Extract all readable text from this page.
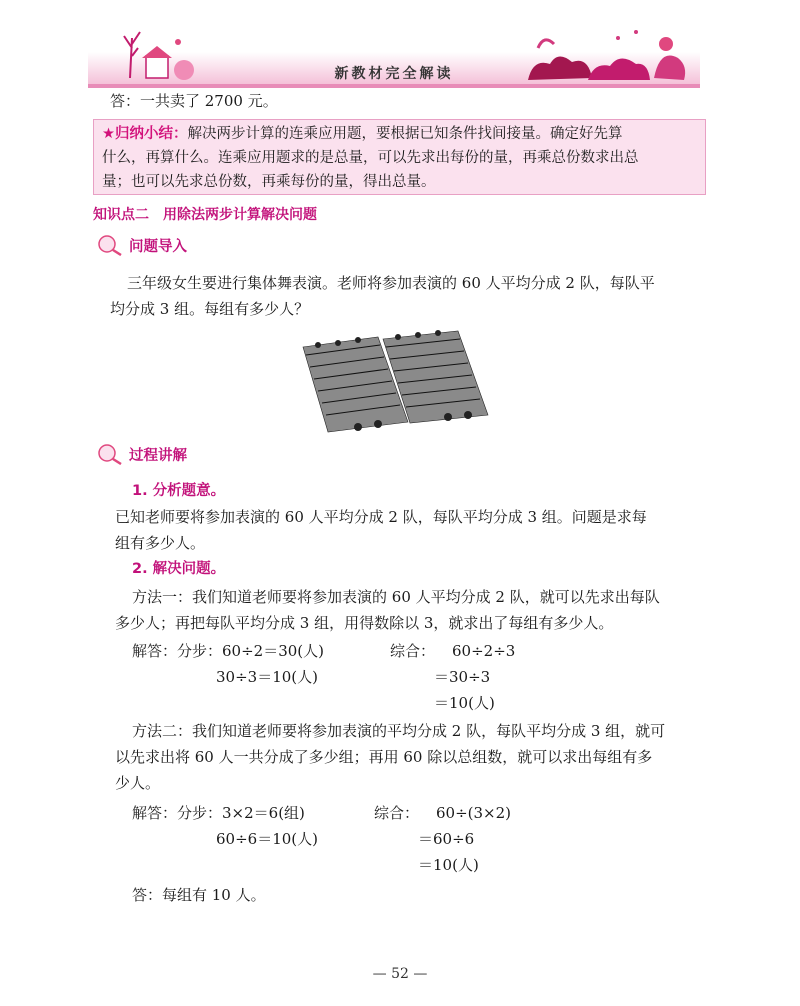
新教材完全解读
答：一共卖了 2700 元。
★归纳小结：解决两步计算的连乘应用题，要根据已知条件找间接量。确定好先算
什么，再算什么。连乘应用题求的是总量，可以先求出每份的量，再乘总份数求出总
量；也可以先求总份数，再乘每份的量，得出总量。
知识点二　用除法两步计算解决问题
问题导入
三年级女生要进行集体舞表演。老师将参加表演的 60 人平均分成 2 队，每队平
均分成 3 组。每组有多少人？
过程讲解
1. 分析题意。
已知老师要将参加表演的 60 人平均分成 2 队，每队平均分成 3 组。问题是求每
组有多少人。
2. 解决问题。
方法一：我们知道老师要将参加表演的 60 人平均分成 2 队，就可以先求出每队
多少人；再把每队平均分成 3 组，用得数除以 3，就求出了每组有多少人。
解答：分步：60÷2＝30(人)
30÷3＝10(人)
综合：	60÷2÷3
＝30÷3
＝10(人)
方法二：我们知道老师要将参加表演的平均分成 2 队，每队平均分成 3 组，就可
以先求出将 60 人一共分成了多少组；再用 60 除以总组数，就可以求出每组有多
少人。
解答：分步：3×2＝6(组)
60÷6＝10(人)
综合：	60÷(3×2)
＝60÷6
＝10(人)
答：每组有 10 人。
— 52 —
